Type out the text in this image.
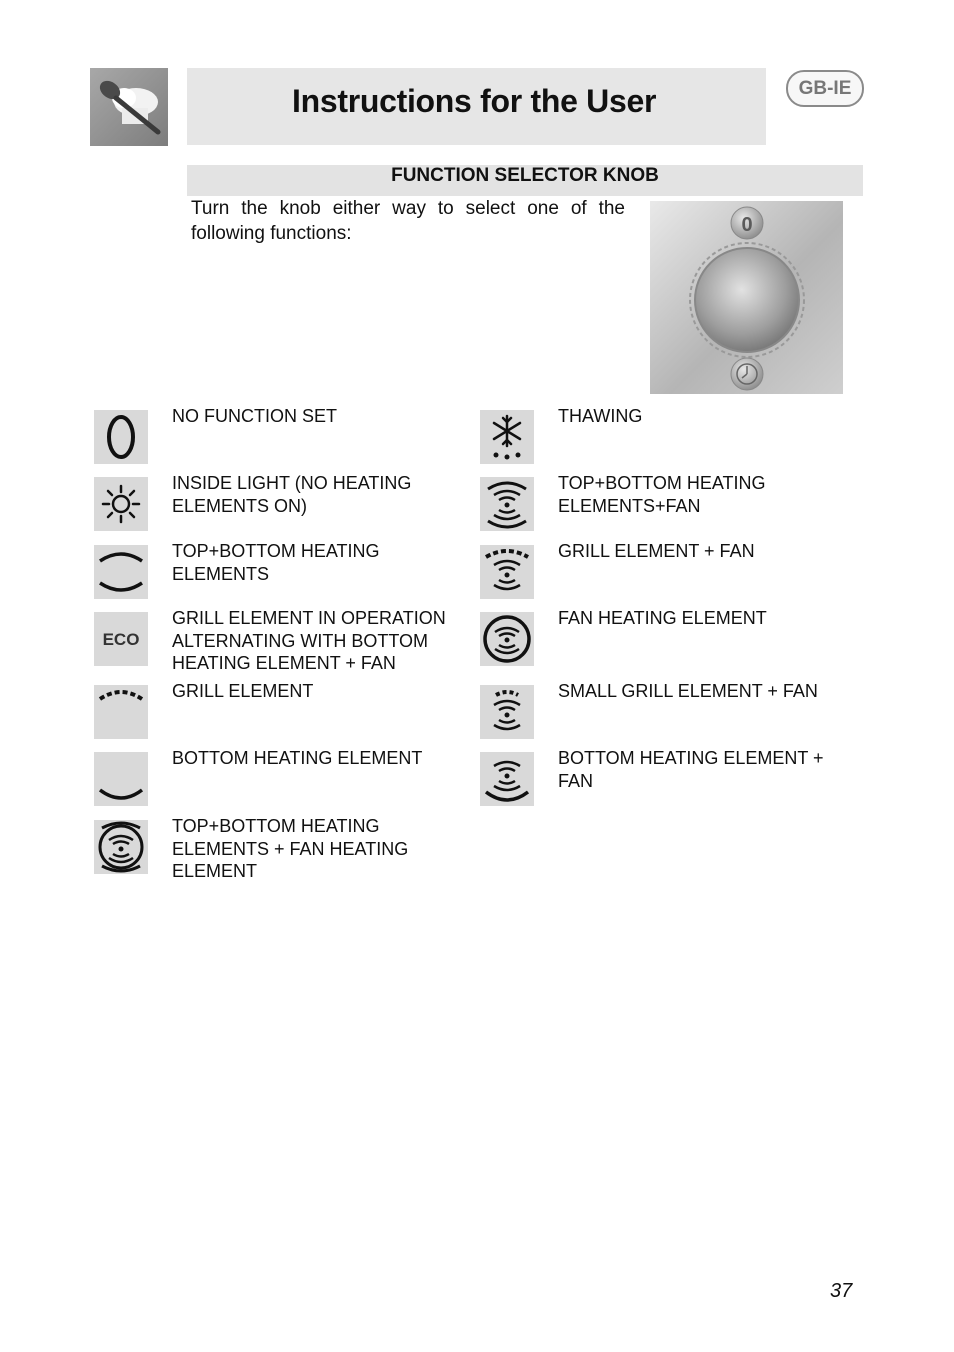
Instructions for the User	GB-IE
FUNCTION SELECTOR KNOB
Turn the knob either way to select one of the following functions:	0
NO FUNCTION SET
INSIDE LIGHT (NO HEATING ELEMENTS ON)
TOP+BOTTOM HEATING ELEMENTS
ECO
GRILL ELEMENT IN OPERATION ALTERNATING WITH BOTTOM HEATING ELEMENT + FAN
GRILL ELEMENT
BOTTOM HEATING ELEMENT
TOP+BOTTOM HEATING ELEMENTS + FAN HEATING ELEMENT
THAWING
TOP+BOTTOM HEATING ELEMENTS+FAN
GRILL ELEMENT + FAN
FAN HEATING ELEMENT
SMALL GRILL ELEMENT + FAN
BOTTOM HEATING ELEMENT + FAN
37
